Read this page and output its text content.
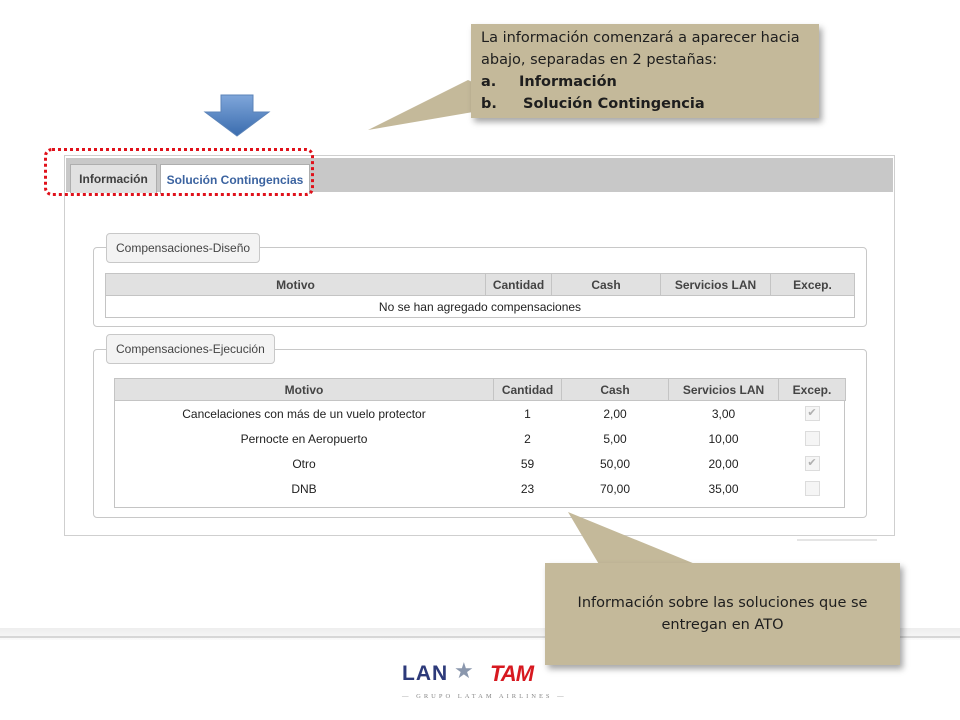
La información comenzará a aparecer hacia
abajo, separadas en 2 pestañas:
a.	Información
b.	Solución Contingencia
Información	Solución Contingencias
Compensaciones-Diseño
Motivo	Cantidad	Cash	Servicios LAN	Excep.
No se han agregado compensaciones
Compensaciones-Ejecución
Motivo	Cantidad	Cash	Servicios LAN	Excep.
Cancelaciones con más de un vuelo protector	1	2,00	3,00	✔
Pernocte en Aeropuerto	2	5,00	10,00	
Otro	59	50,00	20,00	✔
DNB	23	70,00	35,00	
Información sobre las soluciones que se entregan en ATO
LAN ★ TAM
— GRUPO LATAM AIRLINES —
